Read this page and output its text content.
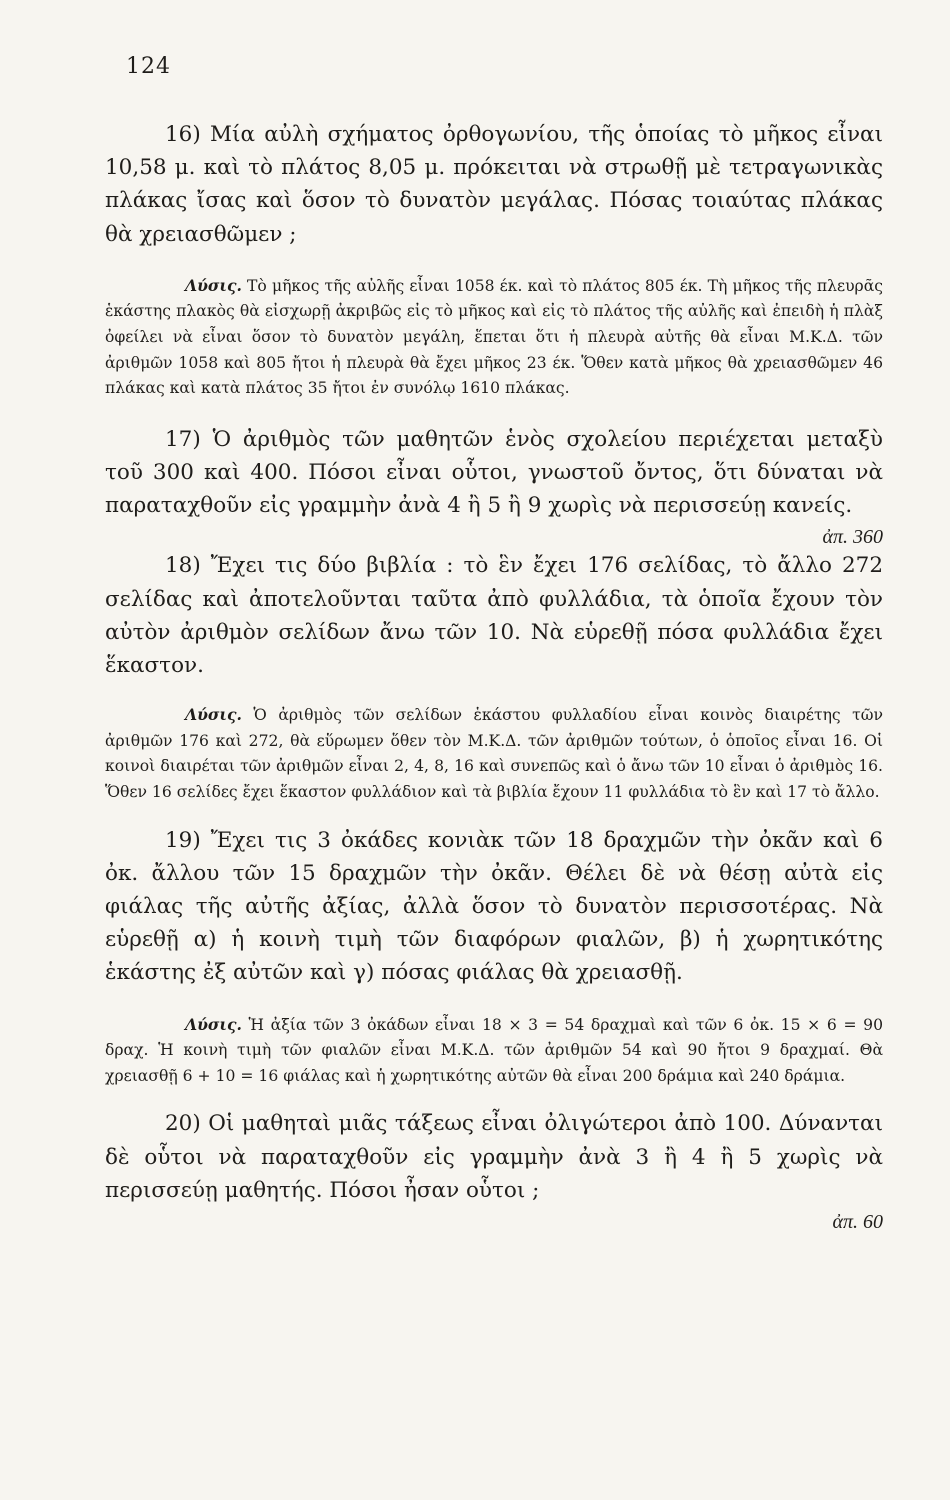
124

16) Μία αὐλὴ σχήματος ὀρθογωνίου, τῆς ὁποίας τὸ μῆκος εἶναι 10,58 μ. καὶ τὸ πλάτος 8,05 μ. πρόκειται νὰ στρωθῇ μὲ τετραγωνικὰς πλάκας ἴσας καὶ ὅσον τὸ δυνατὸν μεγάλας. Πόσας τοιαύτας πλάκας θὰ χρειασθῶμεν ;

Λύσις. Τὸ μῆκος τῆς αὐλῆς εἶναι 1058 έκ. καὶ τὸ πλάτος 805 έκ. Τὴ μῆκος τῆς πλευρᾶς ἑκάστης πλακὸς θὰ εἰσχωρῇ ἀκριβῶς εἰς τὸ μῆκος καὶ εἰς τὸ πλάτος τῆς αὐλῆς καὶ ἐπειδὴ ἡ πλὰξ ὀφείλει νὰ εἶναι ὅσον τὸ δυνατὸν μεγάλη, ἕπεται ὅτι ἡ πλευρὰ αὐτῆς θὰ εἶναι Μ.Κ.Δ. τῶν ἀριθμῶν 1058 καὶ 805 ἤτοι ἡ πλευρὰ θὰ ἔχει μῆκος 23 έκ. Ὅθεν κατὰ μῆκος θὰ χρειασθῶμεν 46 πλάκας καὶ κατὰ πλάτος 35 ἤτοι ἐν συνόλῳ 1610 πλάκας.

17) Ὁ ἀριθμὸς τῶν μαθητῶν ἑνὸς σχολείου περιέχεται μεταξὺ τοῦ 300 καὶ 400. Πόσοι εἶναι οὗτοι, γνωστοῦ ὄντος, ὅτι δύναται νὰ παραταχθοῦν εἰς γραμμὴν ἀνὰ 4 ἢ 5 ἢ 9 χωρὶς νὰ περισσεύῃ κανείς.

ἀπ. 360

18) Ἔχει τις δύο βιβλία : τὸ ἓν ἔχει 176 σελίδας, τὸ ἄλλο 272 σελίδας καὶ ἀποτελοῦνται ταῦτα ἀπὸ φυλλάδια, τὰ ὁποῖα ἔχουν τὸν αὐτὸν ἀριθμὸν σελίδων ἄνω τῶν 10. Νὰ εὑρεθῇ πόσα φυλλάδια ἔχει ἕκαστον.

Λύσις. Ὁ ἀριθμὸς τῶν σελίδων ἑκάστου φυλλαδίου εἶναι κοινὸς διαιρέτης τῶν ἀριθμῶν 176 καὶ 272, θὰ εὕρωμεν ὅθεν τὸν Μ.Κ.Δ. τῶν ἀριθμῶν τούτων, ὁ ὁποῖος εἶναι 16. Οἱ κοινοὶ διαιρέται τῶν ἀριθμῶν εἶναι 2, 4, 8, 16 καὶ συνεπῶς καὶ ὁ ἄνω τῶν 10 εἶναι ὁ ἀριθμὸς 16. Ὅθεν 16 σελίδες ἔχει ἕκαστον φυλλάδιον καὶ τὰ βιβλία ἔχουν 11 φυλλάδια τὸ ἓν καὶ 17 τὸ ἄλλο.

19) Ἔχει τις 3 ὀκάδες κονιὰκ τῶν 18 δραχμῶν τὴν ὀκᾶν καὶ 6 ὀκ. ἄλλου τῶν 15 δραχμῶν τὴν ὀκᾶν. Θέλει δὲ νὰ θέσῃ αὐτὰ εἰς φιάλας τῆς αὐτῆς ἀξίας, ἀλλὰ ὅσον τὸ δυνατὸν περισσοτέρας. Νὰ εὑρεθῇ α) ἡ κοινὴ τιμὴ τῶν διαφόρων φιαλῶν, β) ἡ χωρητικότης ἑκάστης ἐξ αὐτῶν καὶ γ) πόσας φιάλας θὰ χρειασθῇ.

Λύσις. Ἡ ἀξία τῶν 3 ὀκάδων εἶναι 18 × 3 = 54 δραχμαὶ καὶ τῶν 6 ὀκ. 15 × 6 = 90 δραχ. Ἡ κοινὴ τιμὴ τῶν φιαλῶν εἶναι Μ.Κ.Δ. τῶν ἀριθμῶν 54 καὶ 90 ἤτοι 9 δραχμαί. Θὰ χρειασθῇ 6 + 10 = 16 φιάλας καὶ ἡ χωρητικότης αὐτῶν θὰ εἶναι 200 δράμια καὶ 240 δράμια.

20) Οἱ μαθηταὶ μιᾶς τάξεως εἶναι ὀλιγώτεροι ἀπὸ 100. Δύνανται δὲ οὗτοι νὰ παραταχθοῦν εἰς γραμμὴν ἀνὰ 3 ἢ 4 ἢ 5 χωρὶς νὰ περισσεύῃ μαθητής. Πόσοι ἦσαν οὗτοι ;

ἀπ. 60
